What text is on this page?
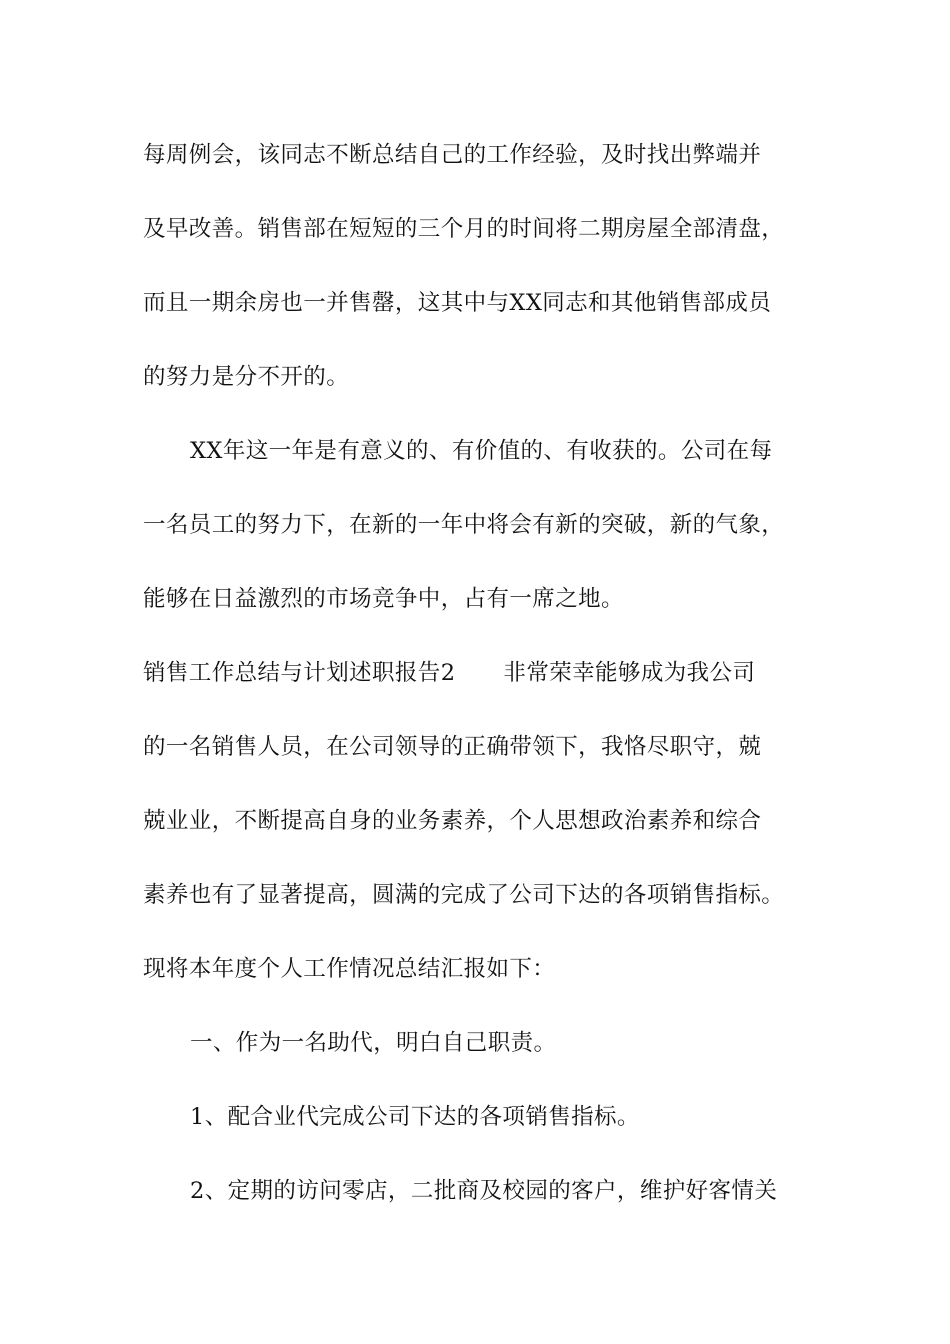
每周例会，该同志不断总结自己的工作经验，及时找出弊端并
及早改善。销售部在短短的三个月的时间将二期房屋全部清盘，
而且一期余房也一并售罄，这其中与XX同志和其他销售部成员
的努力是分不开的。
XX年这一年是有意义的、有价值的、有收获的。公司在每
一名员工的努力下，在新的一年中将会有新的突破，新的气象，
能够在日益激烈的市场竞争中，占有一席之地。
销售工作总结与计划述职报告2 非常荣幸能够成为我公司
的一名销售人员，在公司领导的正确带领下，我恪尽职守，兢
兢业业，不断提高自身的业务素养，个人思想政治素养和综合
素养也有了显著提高，圆满的完成了公司下达的各项销售指标。
现将本年度个人工作情况总结汇报如下：
一、作为一名助代，明白自己职责。
1、配合业代完成公司下达的各项销售指标。
2、定期的访问零店，二批商及校园的客户，维护好客情关
